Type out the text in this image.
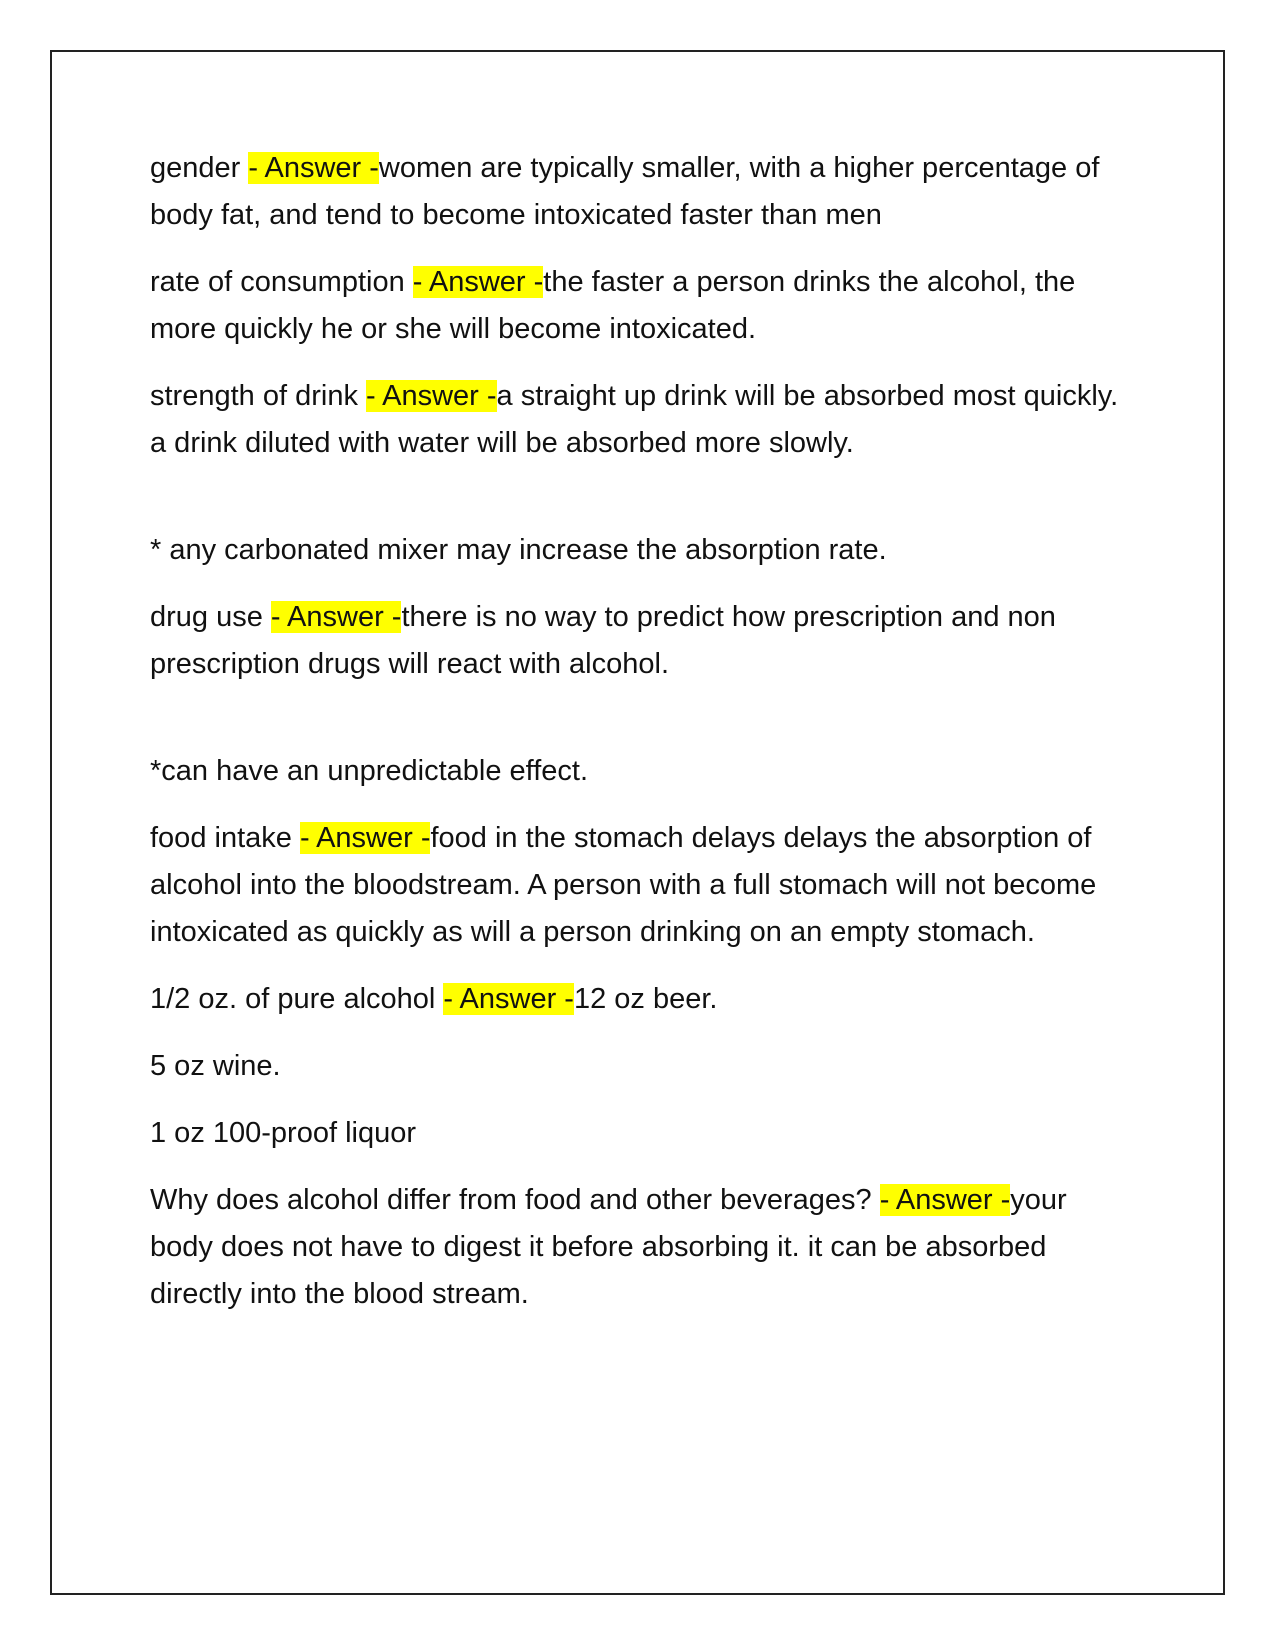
gender - Answer -women are typically smaller, with a higher percentage of body fat, and tend to become intoxicated faster than men

rate of consumption - Answer -the faster a person drinks the alcohol, the more quickly he or she will become intoxicated.

strength of drink - Answer -a straight up drink will be absorbed most quickly. a drink diluted with water will be absorbed more slowly.

* any carbonated mixer may increase the absorption rate.

drug use - Answer -there is no way to predict how prescription and non prescription drugs will react with alcohol.

*can have an unpredictable effect.

food intake - Answer -food in the stomach delays delays the absorption of alcohol into the bloodstream. A person with a full stomach will not become intoxicated as quickly as will a person drinking on an empty stomach.

1/2 oz. of pure alcohol - Answer -12 oz beer.

5 oz wine.

1 oz 100-proof liquor

Why does alcohol differ from food and other beverages? - Answer -your body does not have to digest it before absorbing it. it can be absorbed directly into the blood stream.
